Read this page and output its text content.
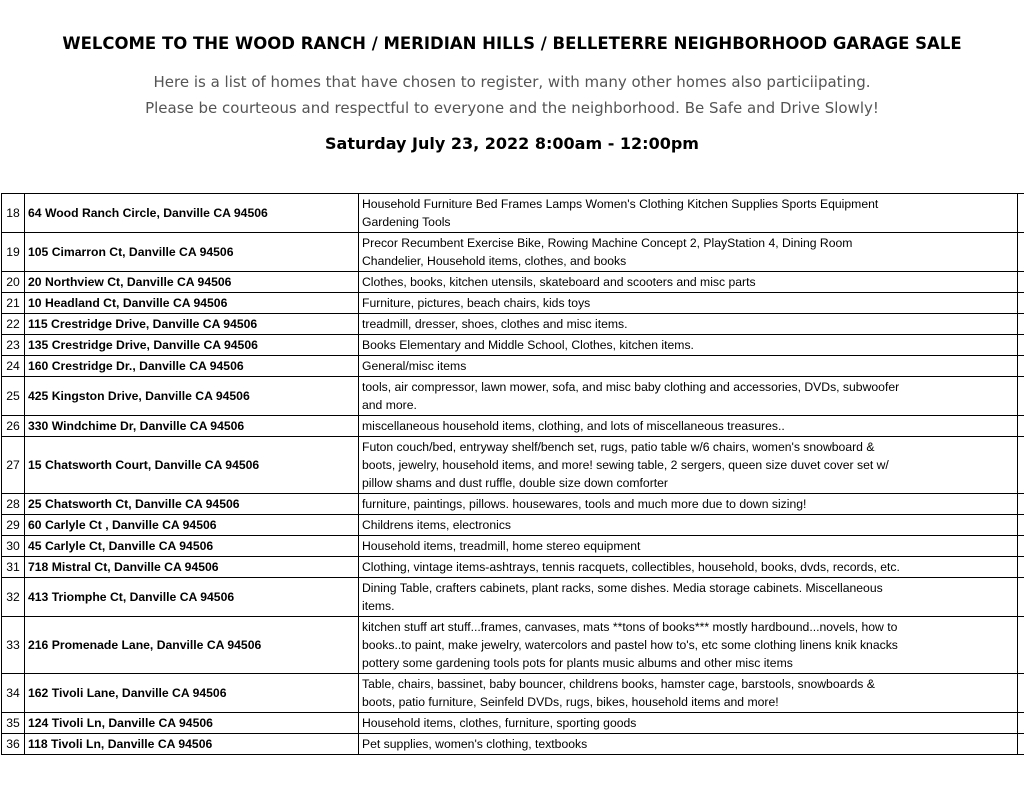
WELCOME TO THE WOOD RANCH / MERIDIAN HILLS / BELLETERRE NEIGHBORHOOD GARAGE SALE
Here is a list of homes that have chosen to register, with many other homes also particiipating.
Please be courteous and respectful to everyone and the neighborhood. Be Safe and Drive Slowly!
Saturday July 23, 2022 8:00am - 12:00pm
18	64 Wood Ranch Circle, Danville CA 94506	Household Furniture Bed Frames Lamps Women's Clothing Kitchen Supplies Sports Equipment
Gardening Tools	

19	105 Cimarron Ct, Danville CA 94506	Precor Recumbent Exercise Bike, Rowing Machine Concept 2, PlayStation 4, Dining Room
Chandelier, Household items, clothes, and books	

20	20 Northview Ct, Danville CA 94506	Clothes, books, kitchen utensils, skateboard and scooters and misc parts	

21	10 Headland Ct, Danville CA 94506	Furniture, pictures, beach chairs, kids toys	

22	115 Crestridge Drive, Danville CA 94506	treadmill, dresser, shoes, clothes and misc items.	

23	135 Crestridge Drive, Danville CA 94506	Books Elementary and Middle School, Clothes, kitchen items.	

24	160 Crestridge Dr., Danville CA 94506	General/misc items	

25	425 Kingston Drive, Danville CA 94506	tools, air compressor, lawn mower, sofa, and misc baby clothing and accessories, DVDs, subwoofer
and more.	

26	330 Windchime Dr, Danville CA 94506	miscellaneous household items, clothing, and lots of miscellaneous treasures..	

27	15 Chatsworth Court, Danville CA 94506	Futon couch/bed, entryway shelf/bench set, rugs, patio table w/6 chairs, women's snowboard &
boots, jewelry, household items, and more! sewing table, 2 sergers, queen size duvet cover set w/
pillow shams and dust ruffle, double size down comforter	

28	25 Chatsworth Ct, Danville CA 94506	furniture, paintings, pillows. housewares, tools and much more due to down sizing!	

29	60 Carlyle Ct , Danville CA 94506	Childrens items, electronics	

30	45 Carlyle Ct, Danville CA 94506	Household items, treadmill, home stereo equipment	

31	718 Mistral Ct, Danville CA 94506	Clothing, vintage items-ashtrays, tennis racquets, collectibles, household, books, dvds, records, etc.	

32	413 Triomphe Ct, Danville CA 94506	Dining Table, crafters cabinets, plant racks, some dishes. Media storage cabinets. Miscellaneous
items.	

33	216 Promenade Lane, Danville CA 94506	kitchen stuff art stuff...frames, canvases, mats **tons of books*** mostly hardbound...novels, how to
books..to paint, make jewelry, watercolors and pastel how to's, etc some clothing linens knik knacks
pottery some gardening tools pots for plants music albums and other misc items	

34	162 Tivoli Lane, Danville CA 94506	Table, chairs, bassinet, baby bouncer, childrens books, hamster cage, barstools, snowboards &
boots, patio furniture, Seinfeld DVDs, rugs, bikes, household items and more!	

35	124 Tivoli Ln, Danville CA 94506	Household items, clothes, furniture, sporting goods	

36	118 Tivoli Ln, Danville CA 94506	Pet supplies, women's clothing, textbooks	
